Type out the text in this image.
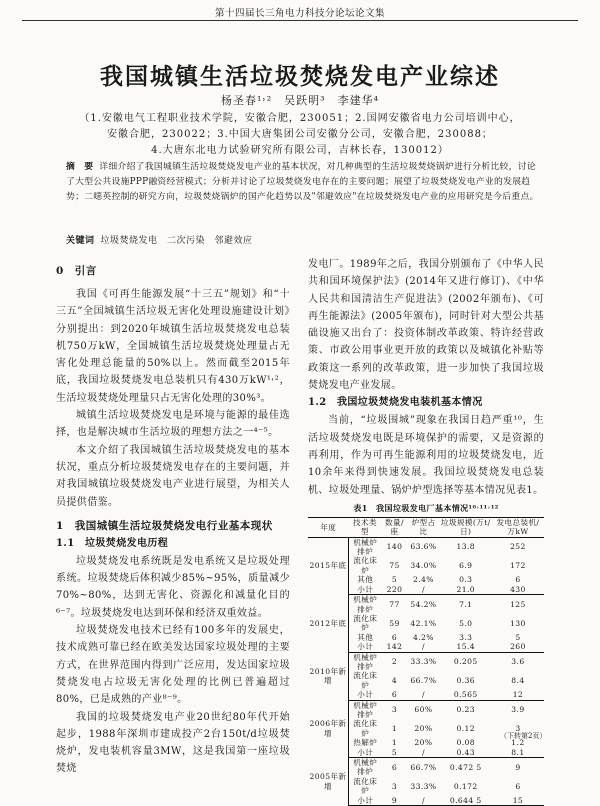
第十四届长三角电力科技分论坛论文集
我国城镇生活垃圾焚烧发电产业综述
杨圣春¹˒²　吴跃明³　李建华⁴
（1.安徽电气工程职业技术学院，安徽合肥，230051；2.国网安徽省电力公司培训中心，
安徽合肥，230022；3.中国大唐集团公司安徽分公司，安徽合肥，230088；
4.大唐东北电力试验研究所有限公司，吉林长春，130012）
摘　要 详细介绍了我国城镇生活垃圾焚烧发电产业的基本状况，对几种典型的生活垃圾焚烧锅炉进行分析比较，讨论了大型公共设施PPP融资经营模式；分析并讨论了垃圾焚烧发电存在的主要问题；展望了垃圾焚烧发电产业的发展趋势；二噁英控制的研究方向，垃圾焚烧锅炉的国产化趋势以及"邻避效应"在垃圾焚烧发电产业的应用研究是今后重点。
关键词 垃圾焚烧发电　二次污染　邻避效应
0　引言

我国《可再生能源发展“十三五”规划》和“十三五”全国城镇生活垃圾无害化处理设施建设计划》分别提出：到2020年城镇生活垃圾焚烧发电总装机750万kW，全国城镇生活垃圾焚烧处理量占无害化处理总能量的50%以上。然而截至2015年底，我国垃圾焚烧发电总装机只有430万kW¹˒²，生活垃圾焚烧处理量只占无害化处理的30%³。

城镇生活垃圾焚烧发电是环境与能源的最佳选择，也是解决城市生活垃圾的理想方法之一⁴⁻⁵。

本文介绍了我国城镇生活垃圾焚烧发电的基本状况，重点分析垃圾焚烧发电存在的主要问题，并对我国城镇垃圾焚烧发电产业进行展望，为相关人员提供借鉴。

1　我国城镇生活垃圾焚烧发电行业基本现状
1.1　垃圾焚烧发电历程

垃圾焚烧发电系统既是发电系统又是垃圾处理系统。垃圾焚烧后体积减少85%~95%，质量减少70%~80%，达到无害化、资源化和减量化目的⁶⁻⁷。垃圾焚烧发电达到环保和经济双重效益。

垃圾焚烧发电技术已经有100多年的发展史，技术成熟可靠已经在欧美发达国家垃圾处理的主要方式，在世界范围内得到广泛应用，发达国家垃圾焚烧发电占垃圾无害化处理的比例已普遍超过80%，已是成熟的产业⁸⁻⁹。

我国的垃圾焚烧发电产业20世纪80年代开始起步，1988年深圳市建成投产2台150t/d垃圾焚烧炉，发电装机容量3MW，这是我国第一座垃圾焚烧

发电厂。1989年之后，我国分别颁布了《中华人民共和国环境保护法》(2014年又进行修订)、《中华人民共和国清洁生产促进法》(2002年颁布)、《可再生能源法》(2005年颁布)，同时针对大型公共基础设施又出台了：投资体制改革政策、特许经营政策、市政公用事业更开放的政策以及城镇化补贴等政策这一系列的改革政策，进一步加快了我国垃圾焚烧发电产业发展。

1.2　我国垃圾焚烧发电装机基本情况

当前，“垃圾围城”现象在我国日趋严重¹⁰，生活垃圾焚烧发电既是环境保护的需要，又是资源的再利用，作为可再生能源利用的垃圾焚烧发电，近10余年来得到快速发展。我国垃圾焚烧发电总装机、垃圾处理量、锅炉炉型选择等基本情况见表1。

表1　我国垃圾发电厂基本情况¹⁰˒¹¹˒¹²
年度	技术类型	数量/座	炉型占比	垃圾规模(万t/日)	发电总装机/万kW
2015年底	机械炉排炉	140	63.6%	13.8	252
	流化床炉	75	34.0%	6.9	172
	其他	5	2.4%	0.3	6
	小计	220	/	21.0	430
2012年底	机械炉排炉	77	54.2%	7.1	125
	流化床炉	59	42.1%	5.0	130
	其他	6	4.2%	3.3	5
	小计	142	/	15.4	260
2010年新增	机械炉排炉	2	33.3%	0.205	3.6
	流化床炉	4	66.7%	0.36	8.4
	小计	6	/	0.565	12
2006年新增	机械炉排炉	3	60%	0.23	3.9
	流化床炉	1	20%	0.12	3
	热解炉	1	20%	0.08	1.2
	小计	5	/	0.43	8.1
2005年新增	机械炉排炉	6	66.7%	0.472 5	9
	流化床炉	3	33.3%	0.172	6
	小计	9	/	0.644 5	15
（下转第2页）
